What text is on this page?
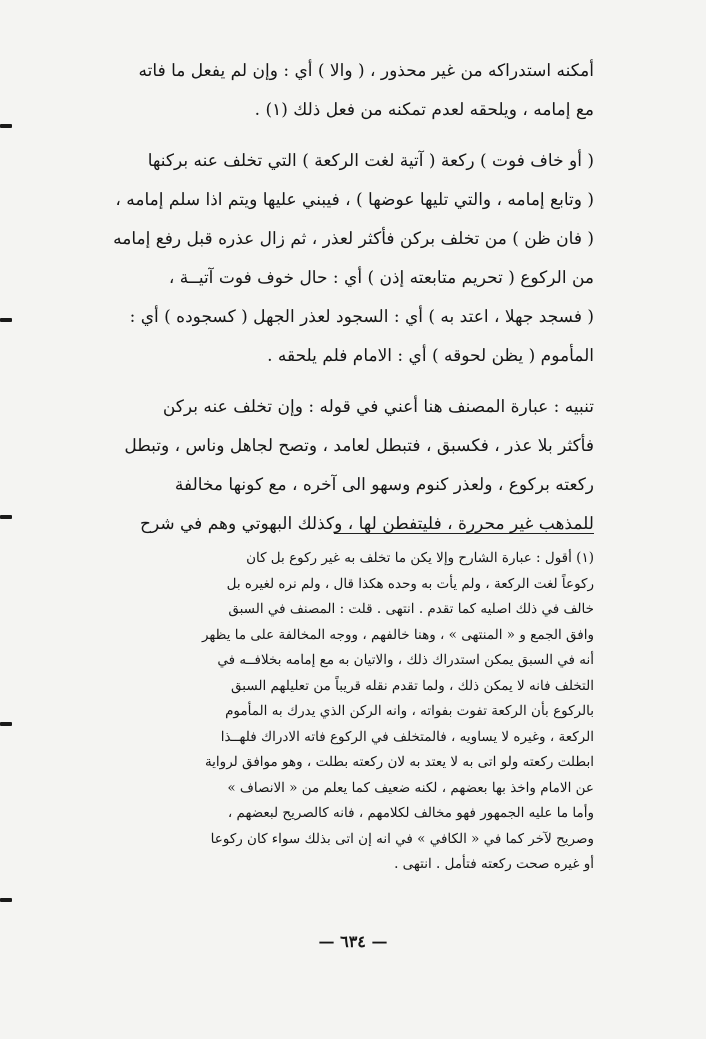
أمكنه استدراكه من غير محذور ، ( والا ) أي : وإن لم يفعل ما فاته
مع إمامه ، ويلحقه لعدم تمكنه من فعل ذلك (١) .
( أو خاف فوت ) ركعة ( آتية لغت الركعة ) التي تخلف عنه بركنها
( وتابع إمامه ، والتي تليها عوضها ) ، فيبني عليها ويتم اذا سلم إمامه ،
( فان ظن ) من تخلف بركن فأكثر لعذر ، ثم زال عذره قبل رفع إمامه
من الركوع ( تحريم متابعته إذن ) أي : حال خوف فوت آتيــة ،
( فسجد جهلا ، اعتد به ) أي : السجود لعذر الجهل ( كسجوده ) أي :
المأموم ( يظن لحوقه ) أي : الامام فلم يلحقه .
تنبيه : عبارة المصنف هنا أعني في قوله : وإن تخلف عنه بركن
فأكثر بلا عذر ، فكسبق ، فتبطل لعامد ، وتصح لجاهل وناس ، وتبطل
ركعته بركوع ، ولعذر كنوم وسهو الى آخره ، مع كونها مخالفة
للمذهب غير محررة ، فليتفطن لها ، وكذلك البهوتي وهم في شرح
(١) أقول : عبارة الشارح وإلا يكن ما تخلف به غير ركوع بل كان
ركوعاً لغت الركعة ، ولم يأت به وحده هكذا قال ، ولم نره لغيره بل
خالف في ذلك اصليه كما تقدم . انتهى . قلت : المصنف في السبق
وافق الجمع و « المنتهى » ، وهنا خالفهم ، ووجه المخالفة على ما يظهر
أنه في السبق يمكن استدراك ذلك ، والاتيان به مع إمامه بخلافــه في
التخلف فانه لا يمكن ذلك ، ولما تقدم نقله قريباً من تعليلهم السبق
بالركوع بأن الركعة تفوت بفواته ، وانه الركن الذي يدرك به المأموم
الركعة ، وغيره لا يساويه ، فالمتخلف في الركوع فاته الادراك فلهــذا
ابطلت ركعته ولو اتى به لا يعتد به لان ركعته بطلت ، وهو موافق لرواية
عن الامام واخذ بها بعضهم ، لكنه ضعيف كما يعلم من « الانصاف »
وأما ما عليه الجمهور فهو مخالف لكلامهم ، فانه كالصريح لبعضهم ،
وصريح لآخر كما في « الكافي » في انه إن اتى بذلك سواء كان ركوعا
أو غيره صحت ركعته فتأمل . انتهى .
— ٦٣٤ —
